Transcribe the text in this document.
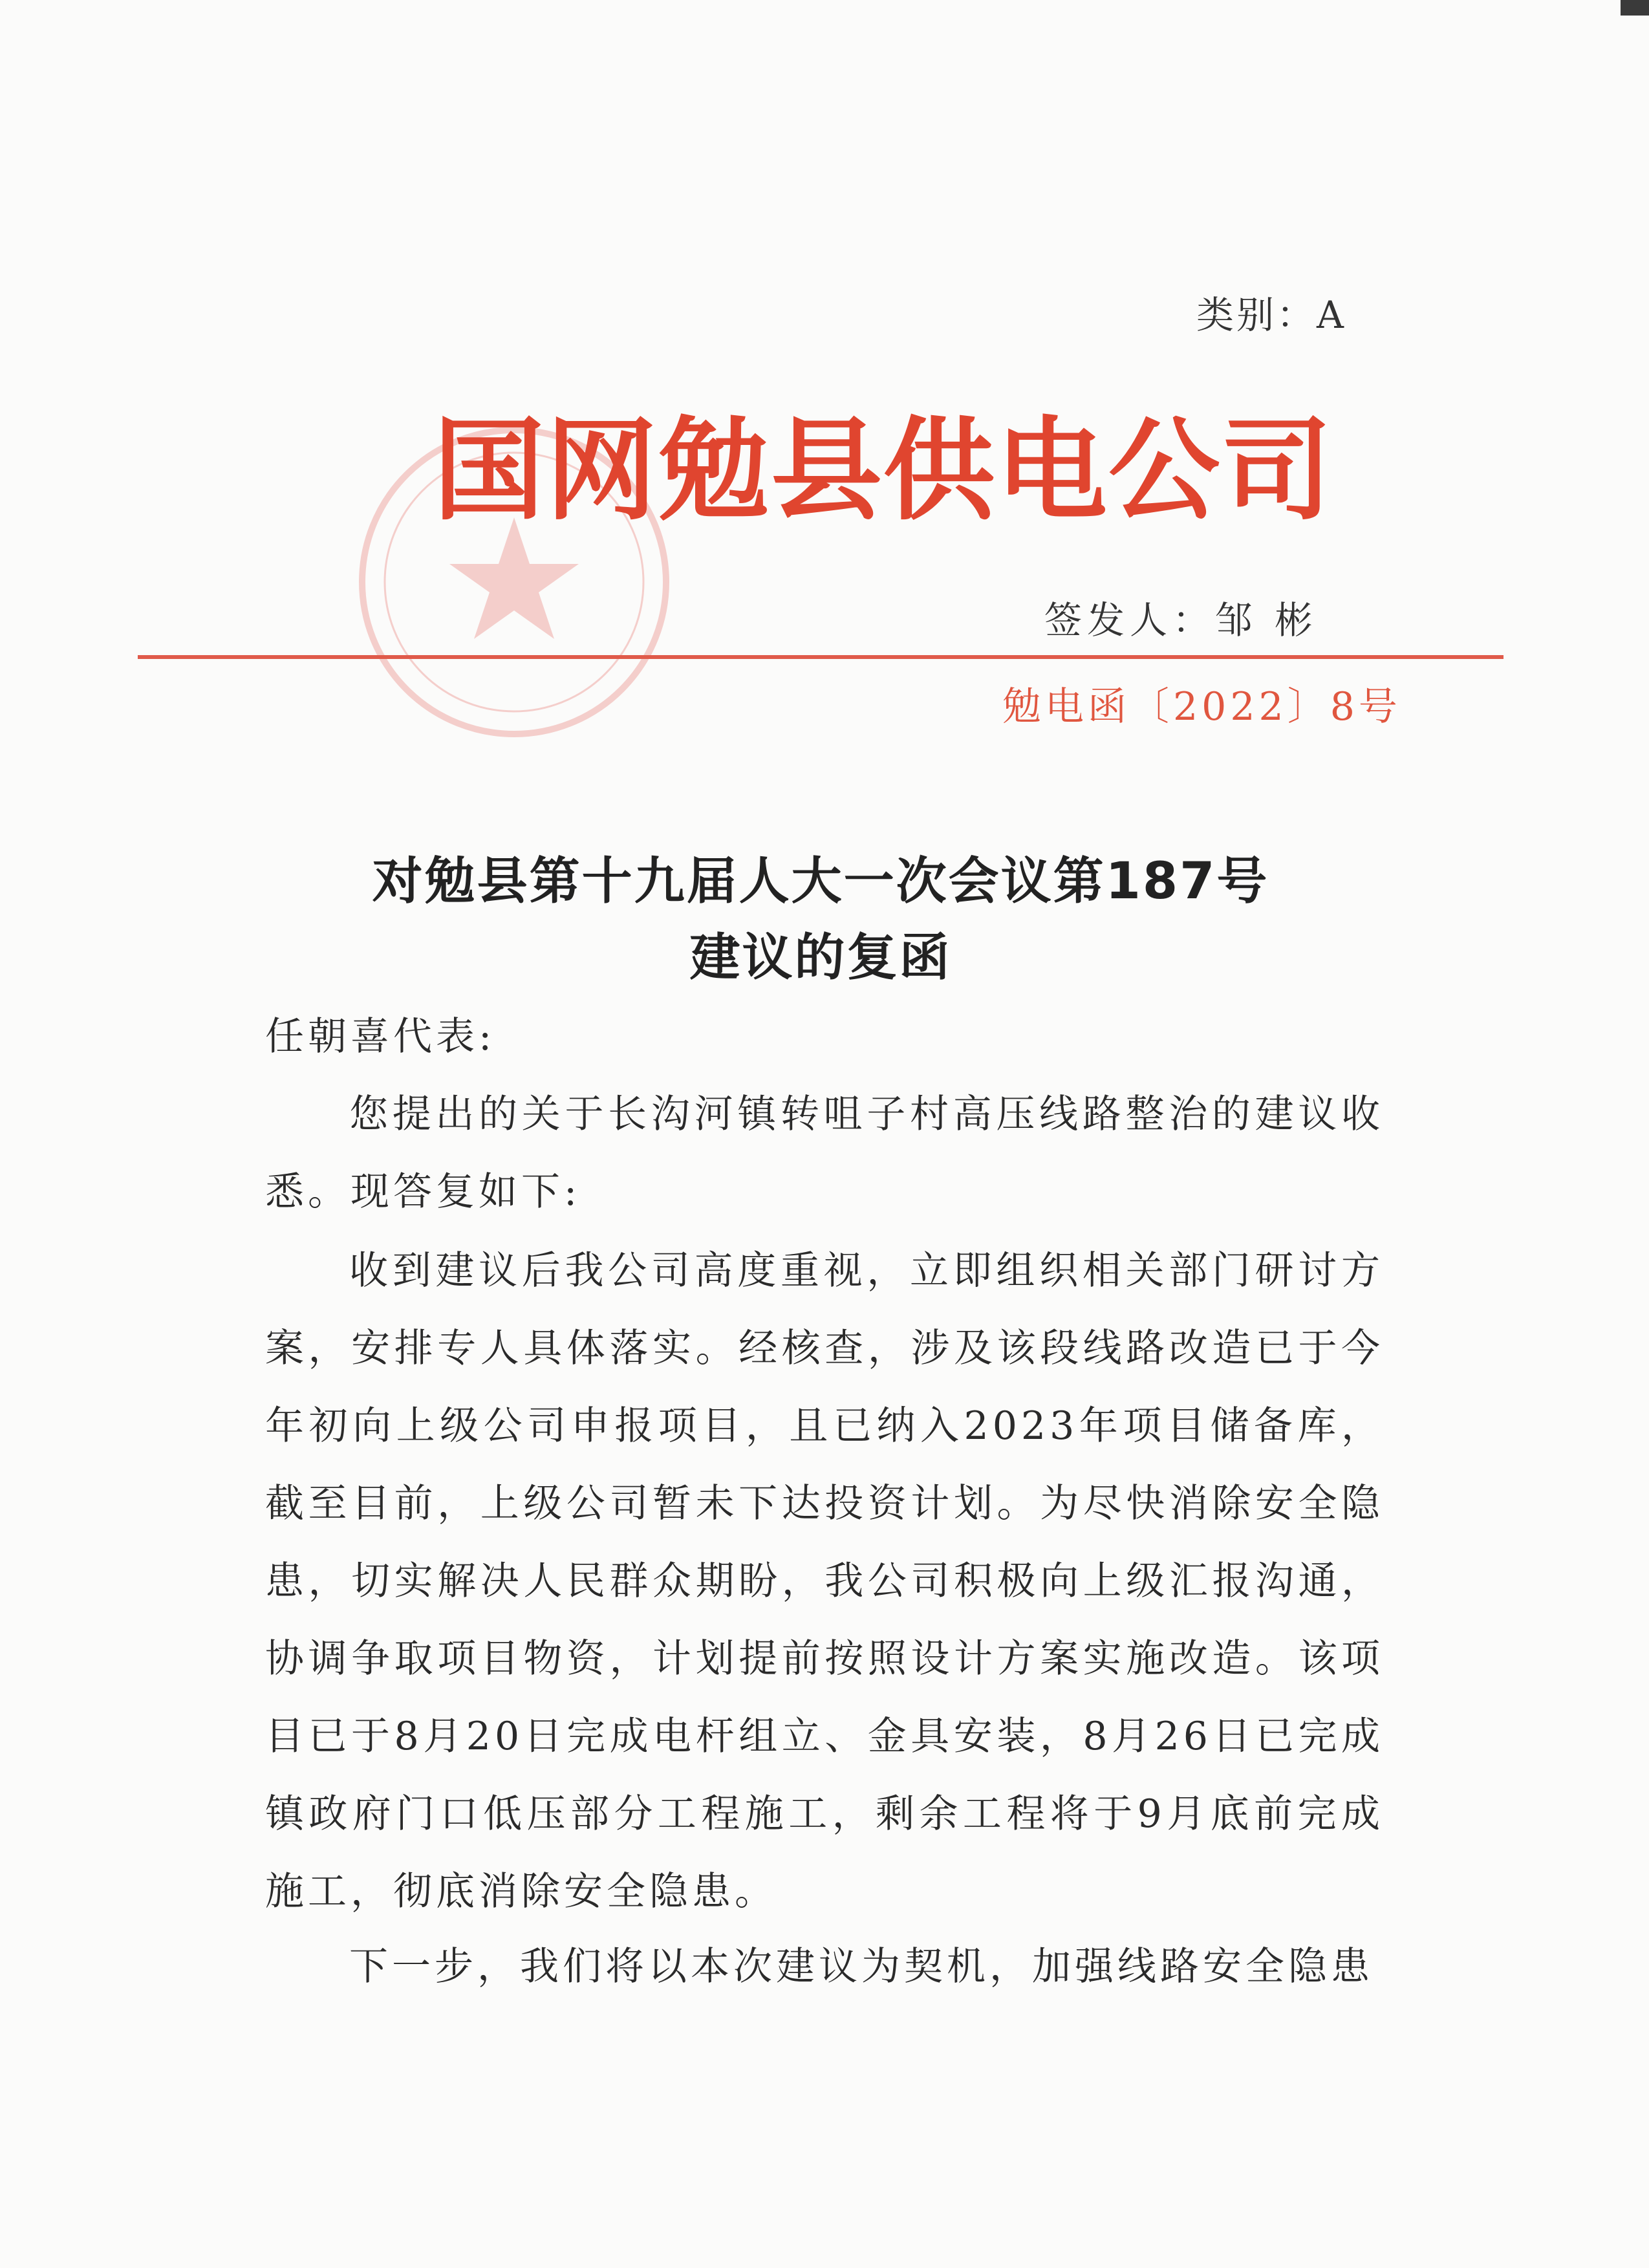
类别：A
国网勉县供电公司
签发人：邹 彬
勉电函〔2022〕8号
对勉县第十九届人大一次会议第187号
建议的复函
任朝喜代表:

您提出的关于长沟河镇转咀子村高压线路整治的建议收悉。现答复如下:

收到建议后我公司高度重视，立即组织相关部门研讨方案，安排专人具体落实。经核查，涉及该段线路改造已于今年初向上级公司申报项目，且已纳入2023年项目储备库，截至目前，上级公司暂未下达投资计划。为尽快消除安全隐患，切实解决人民群众期盼，我公司积极向上级汇报沟通，协调争取项目物资，计划提前按照设计方案实施改造。该项目已于8月20日完成电杆组立、金具安装，8月26日已完成镇政府门口低压部分工程施工，剩余工程将于9月底前完成施工，彻底消除安全隐患。

下一步，我们将以本次建议为契机，加强线路安全隐患
